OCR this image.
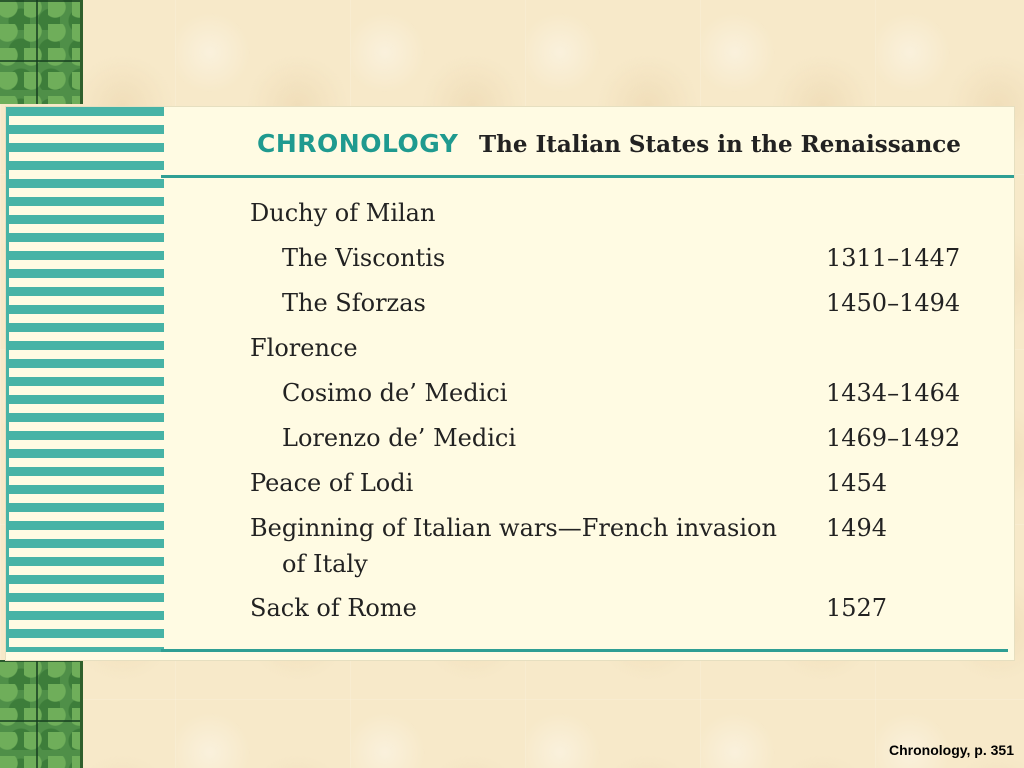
CHRONOLOGY The Italian States in the Renaissance
Duchy of Milan
The Viscontis	1311–1447
The Sforzas	1450–1494
Florence
Cosimo de’ Medici	1434–1464
Lorenzo de’ Medici	1469–1492
Peace of Lodi	1454
Beginning of Italian wars—French invasion	1494
of Italy
Sack of Rome	1527
Chronology, p. 351
